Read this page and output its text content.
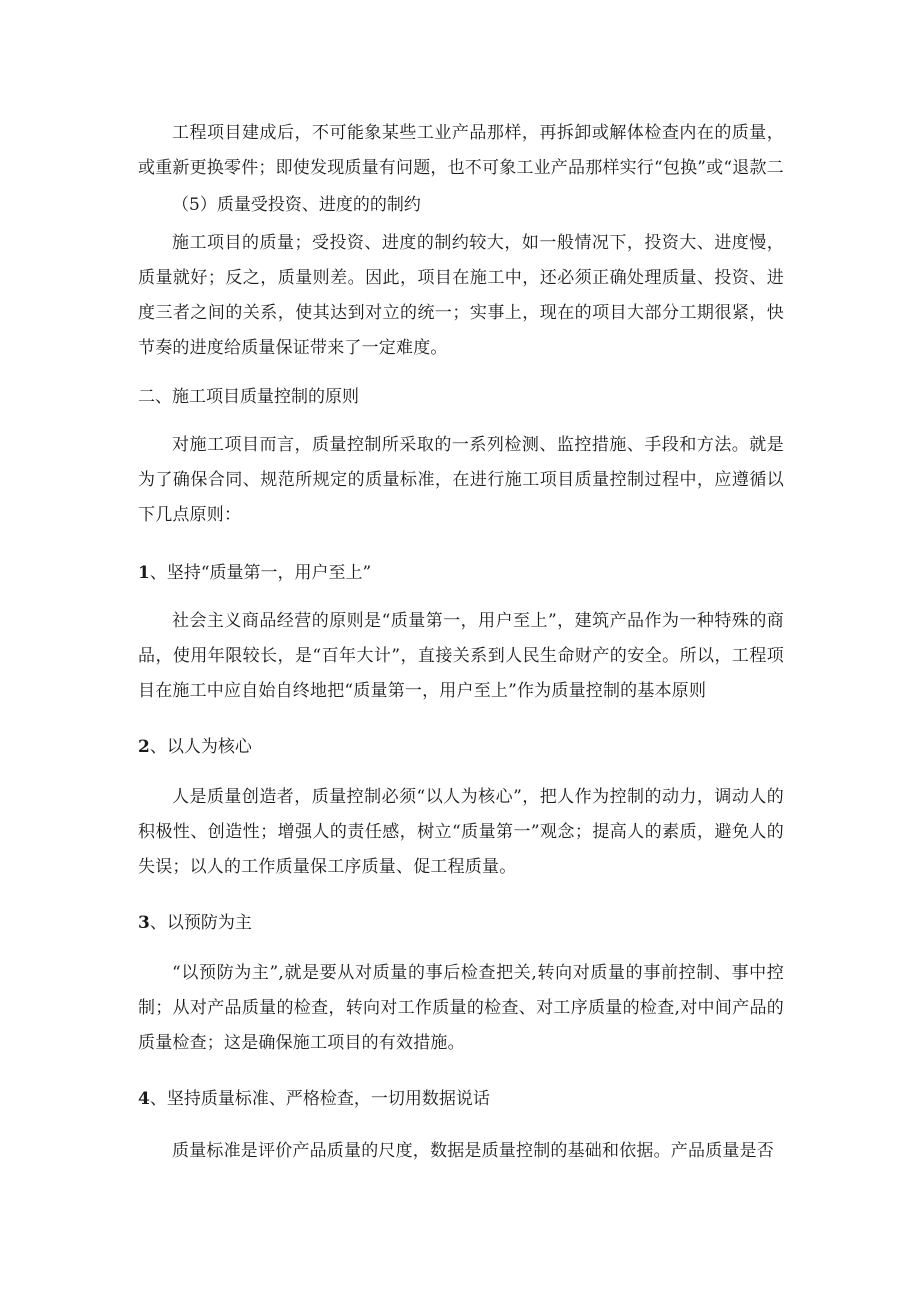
工程项目建成后，不可能象某些工业产品那样，再拆卸或解体检查内在的质量，或重新更换零件；即使发现质量有问题，也不可象工业产品那样实行“包换”或“退款二

（5）质量受投资、进度的的制约

施工项目的质量；受投资、进度的制约较大，如一般情况下，投资大、进度慢，质量就好；反之，质量则差。因此，项目在施工中，还必须正确处理质量、投资、进度三者之间的关系，使其达到对立的统一；实事上，现在的项目大部分工期很紧，快节奏的进度给质量保证带来了一定难度。

二、施工项目质量控制的原则

对施工项目而言，质量控制所采取的一系列检测、监控措施、手段和方法。就是为了确保合同、规范所规定的质量标准，在进行施工项目质量控制过程中，应遵循以下几点原则：

1、坚持“质量第一，用户至上”

社会主义商品经营的原则是“质量第一，用户至上”，建筑产品作为一种特殊的商品，使用年限较长，是“百年大计”，直接关系到人民生命财产的安全。所以，工程项目在施工中应自始自终地把“质量第一，用户至上”作为质量控制的基本原则

2、以人为核心

人是质量创造者，质量控制必须“以人为核心”，把人作为控制的动力，调动人的积极性、创造性；增强人的责任感，树立“质量第一”观念；提高人的素质，避免人的失误；以人的工作质量保工序质量、促工程质量。

3、以预防为主

“以预防为主”,就是要从对质量的事后检查把关,转向对质量的事前控制、事中控制；从对产品质量的检查，转向对工作质量的检查、对工序质量的检查,对中间产品的质量检查；这是确保施工项目的有效措施。

4、坚持质量标准、严格检查，一切用数据说话

质量标准是评价产品质量的尺度，数据是质量控制的基础和依据。产品质量是否
